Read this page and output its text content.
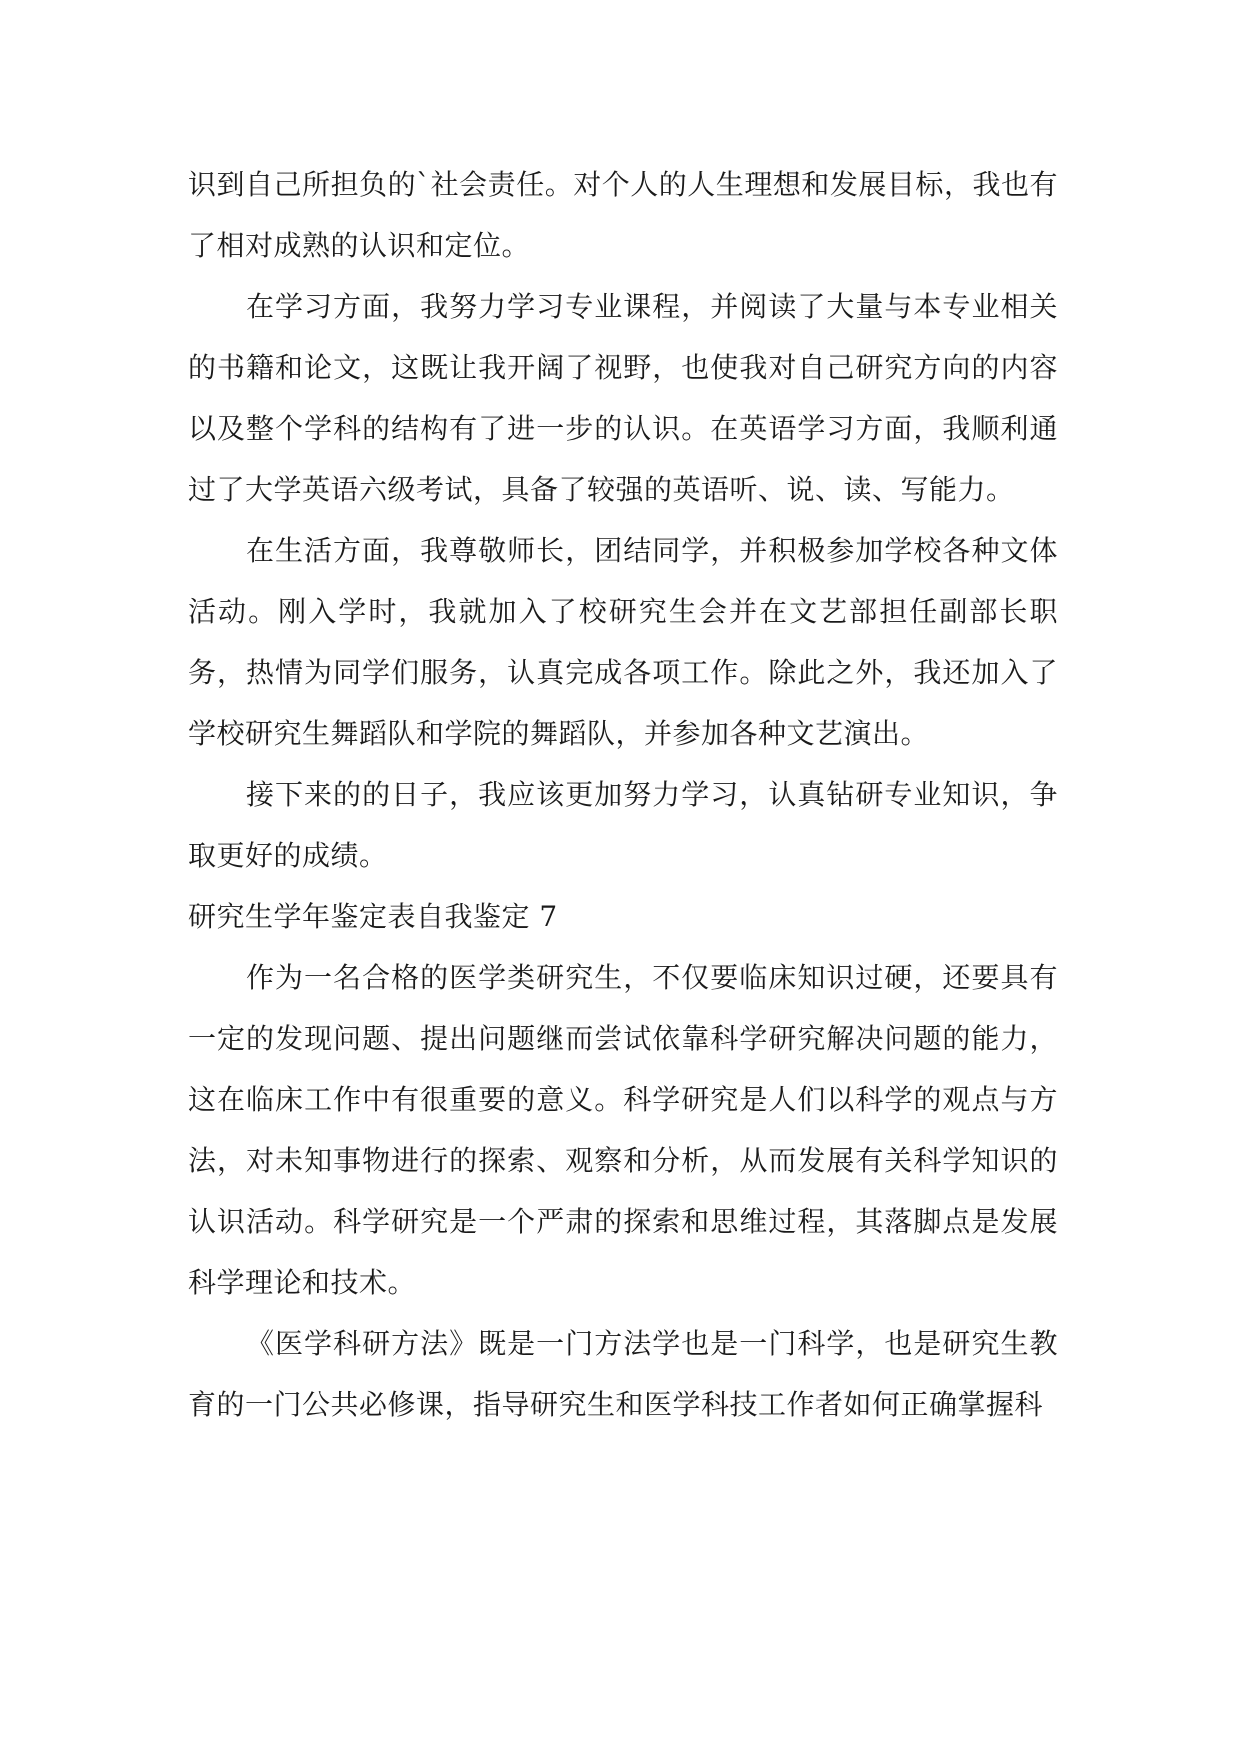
识到自己所担负的`社会责任。对个人的人生理想和发展目标，我也有了相对成熟的认识和定位。

在学习方面，我努力学习专业课程，并阅读了大量与本专业相关的书籍和论文，这既让我开阔了视野，也使我对自己研究方向的内容以及整个学科的结构有了进一步的认识。在英语学习方面，我顺利通过了大学英语六级考试，具备了较强的英语听、说、读、写能力。

在生活方面，我尊敬师长，团结同学，并积极参加学校各种文体活动。刚入学时，我就加入了校研究生会并在文艺部担任副部长职务，热情为同学们服务，认真完成各项工作。除此之外，我还加入了学校研究生舞蹈队和学院的舞蹈队，并参加各种文艺演出。

接下来的的日子，我应该更加努力学习，认真钻研专业知识，争取更好的成绩。

研究生学年鉴定表自我鉴定 7

作为一名合格的医学类研究生，不仅要临床知识过硬，还要具有一定的发现问题、提出问题继而尝试依靠科学研究解决问题的能力，这在临床工作中有很重要的意义。科学研究是人们以科学的观点与方法，对未知事物进行的探索、观察和分析，从而发展有关科学知识的认识活动。科学研究是一个严肃的探索和思维过程，其落脚点是发展科学理论和技术。

《医学科研方法》既是一门方法学也是一门科学，也是研究生教育的一门公共必修课，指导研究生和医学科技工作者如何正确掌握科
